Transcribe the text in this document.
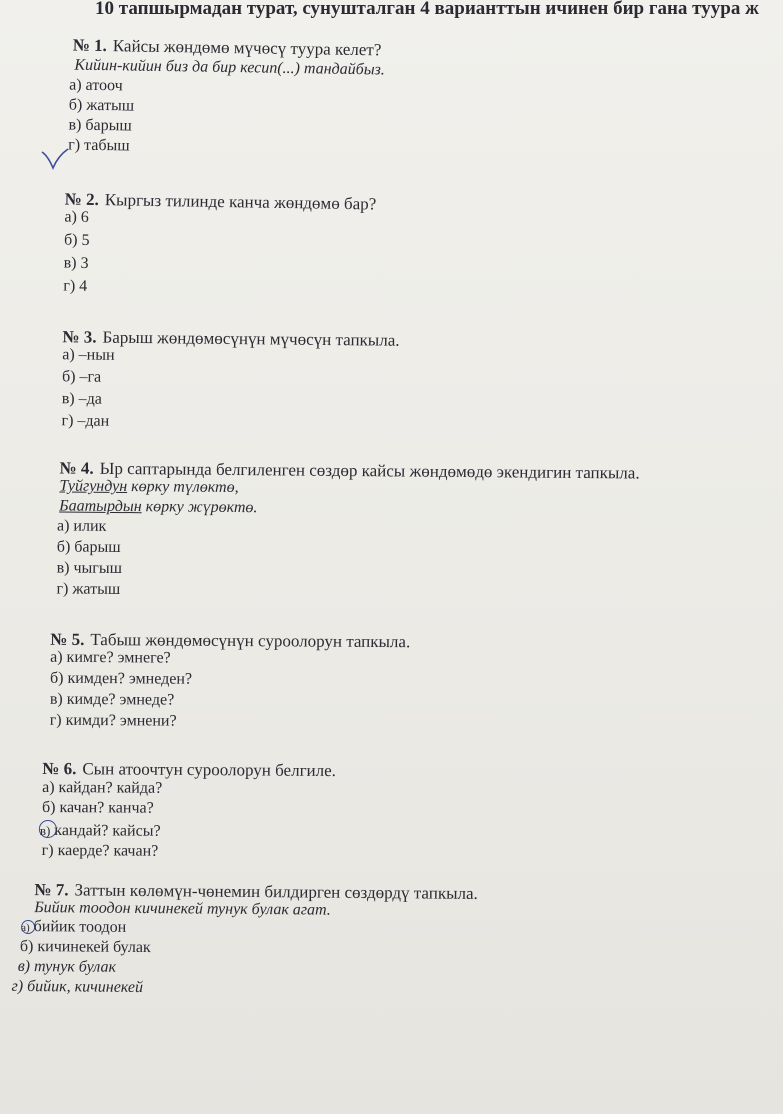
10 тапшырмадан турат, сунушталган 4 варианттын ичинен бир гана туура ж
№ 1. Кайсы жөндөмө мүчөсү туура келет?
Кийин-кийин биз да бир кесип(...) тандайбыз.
а) атооч
б) жатыш
в) барыш
г) табыш
№ 2. Кыргыз тилинде канча жөндөмө бар?
а) 6
б) 5
в) 3
г) 4
№ 3. Барыш жөндөмөсүнүн мүчөсүн тапкыла.
а) –нын
б) –га
в) –да
г) –дан
№ 4. Ыр саптарында белгиленген сөздөр кайсы жөндөмөдө экендигин тапкыла.
Туйгундун көрку түлөктө,
Баатырдын көрку жүрөктө.
а) илик
б) барыш
в) чыгыш
г) жатыш
№ 5. Табыш жөндөмөсүнүн суроолорун тапкыла.
а) кимге? эмнеге?
б) кимден? эмнеден?
в) кимде? эмнеде?
г) кимди? эмнени?
№ 6. Сын атоочтун суроолорун белгиле.
а) кайдан? кайда?
б) качан? канча?
в) кандай? кайсы?
г) каерде? качан?
№ 7. Заттын көлөмүн-чөнемин билдирген сөздөрдү тапкыла.
Бийик тоодон кичинекей тунук булак агат.
а) бийик тоодон
б) кичинекей булак
в) тунук булак
г) бийик, кичинекей
